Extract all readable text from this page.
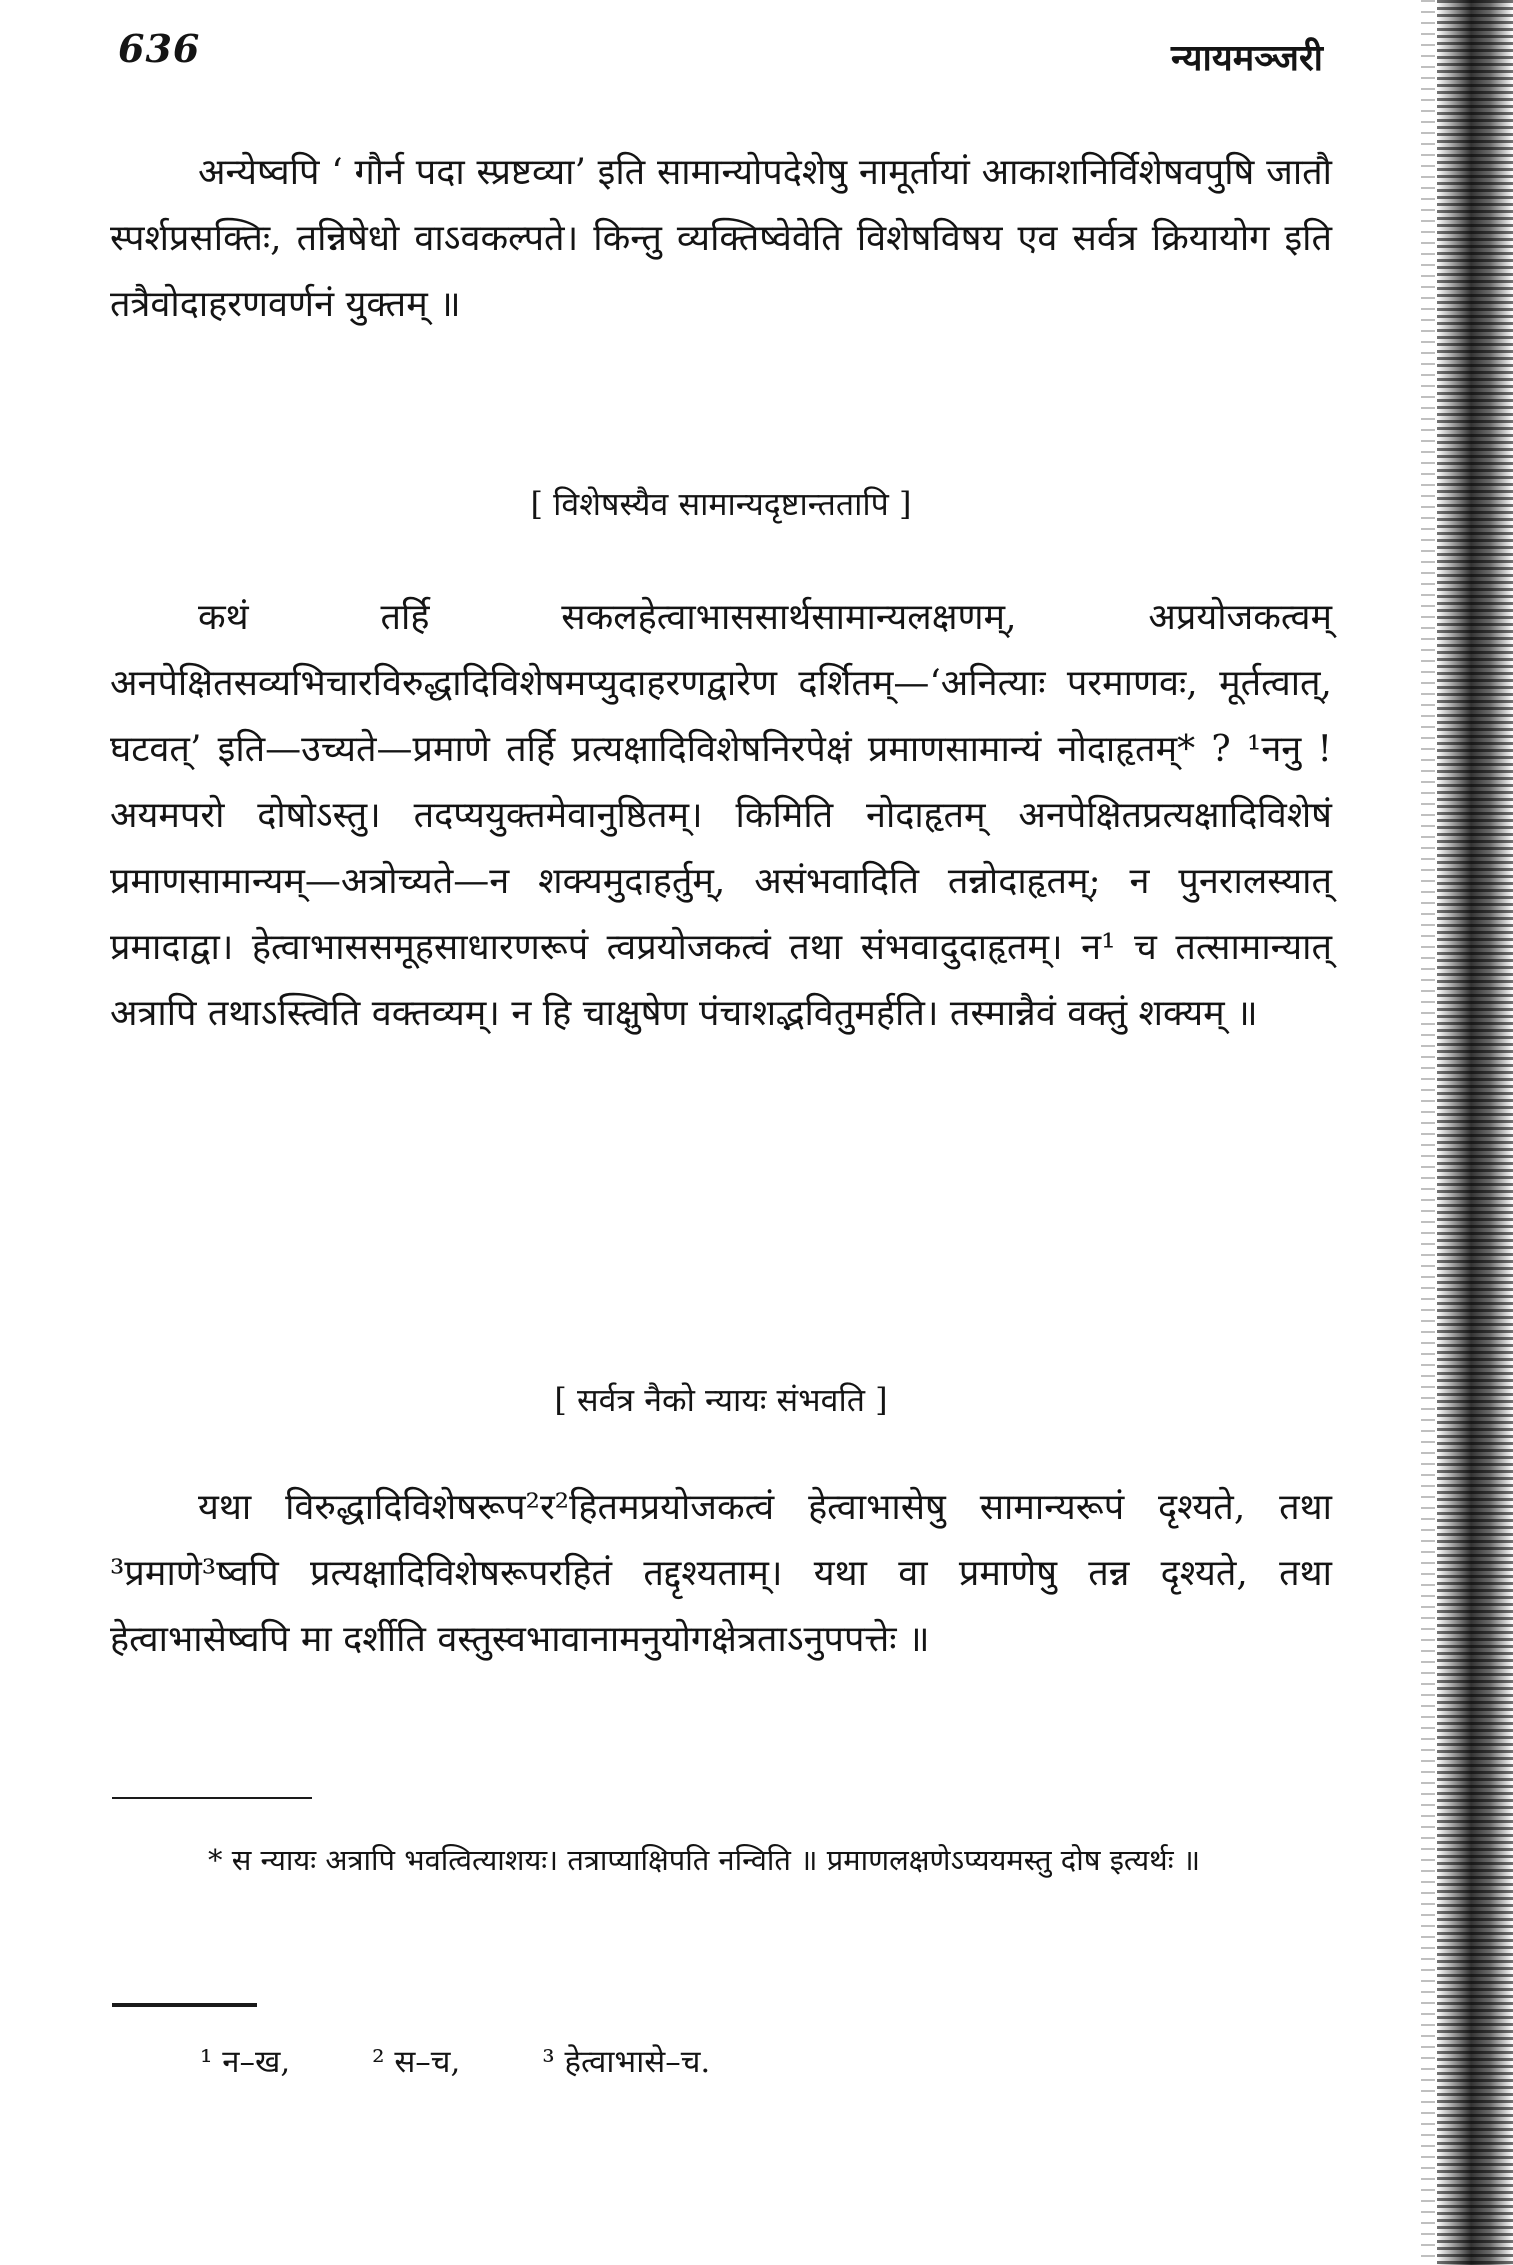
636	न्यायमञ्जरी
अन्येष्वपि ‘ गौर्न पदा स्प्रष्टव्या’ इति सामान्योपदेशेषु नामूर्तायां आकाशनिर्विशेषवपुषि जातौ स्पर्शप्रसक्तिः, तन्निषेधो वाऽवकल्पते। किन्तु व्यक्तिष्वेवेति विशेषविषय एव सर्वत्र क्रियायोग इति तत्रैवोदाहरणवर्णनं युक्तम् ॥
[ विशेषस्यैव सामान्यदृष्टान्ततापि ]
कथं तर्हि सकलहेत्वाभाससार्थसामान्यलक्षणम्, अप्रयोजकत्वम् अनपेक्षितसव्यभिचारविरुद्धादिविशेषमप्युदाहरणद्वारेण दर्शितम्—‘अनित्याः परमाणवः, मूर्तत्वात्, घटवत्’ इति—उच्यते—प्रमाणे तर्हि प्रत्यक्षादिविशेषनिरपेक्षं प्रमाणसामान्यं नोदाहृतम्* ? ¹ननु ! अयमपरो दोषोऽस्तु। तदप्ययुक्तमेवानुष्ठितम्। किमिति नोदाहृतम् अनपेक्षितप्रत्यक्षादिविशेषं प्रमाणसामान्यम्—अत्रोच्यते—न शक्यमुदाहर्तुम्, असंभवादिति तन्नोदाहृतम्; न पुनरालस्यात् प्रमादाद्वा। हेत्वाभाससमूहसाधारणरूपं त्वप्रयोजकत्वं तथा संभवादुदाहृतम्। न¹ च तत्सामान्यात् अत्रापि तथाऽस्त्विति वक्तव्यम्। न हि चाक्षुषेण पंचाशद्भवितुमर्हति। तस्मान्नैवं वक्तुं शक्यम् ॥
[ सर्वत्र नैको न्यायः संभवति ]
यथा विरुद्धादिविशेषरूप²र²हितमप्रयोजकत्वं हेत्वाभासेषु सामान्यरूपं दृश्यते, तथा ³प्रमाणे³ष्वपि प्रत्यक्षादिविशेषरूपरहितं तद्दृश्यताम्। यथा वा प्रमाणेषु तन्न दृश्यते, तथा हेत्वाभासेष्वपि मा दर्शीति वस्तुस्वभावानामनुयोगक्षेत्रताऽनुपपत्तेः ॥
* स न्यायः अत्रापि भवत्वित्याशयः। तत्राप्याक्षिपति नन्विति ॥ प्रमाणलक्षणेऽप्ययमस्तु दोष इत्यर्थः ॥
¹ न–ख,	² स–च,	³ हेत्वाभासे–च.
